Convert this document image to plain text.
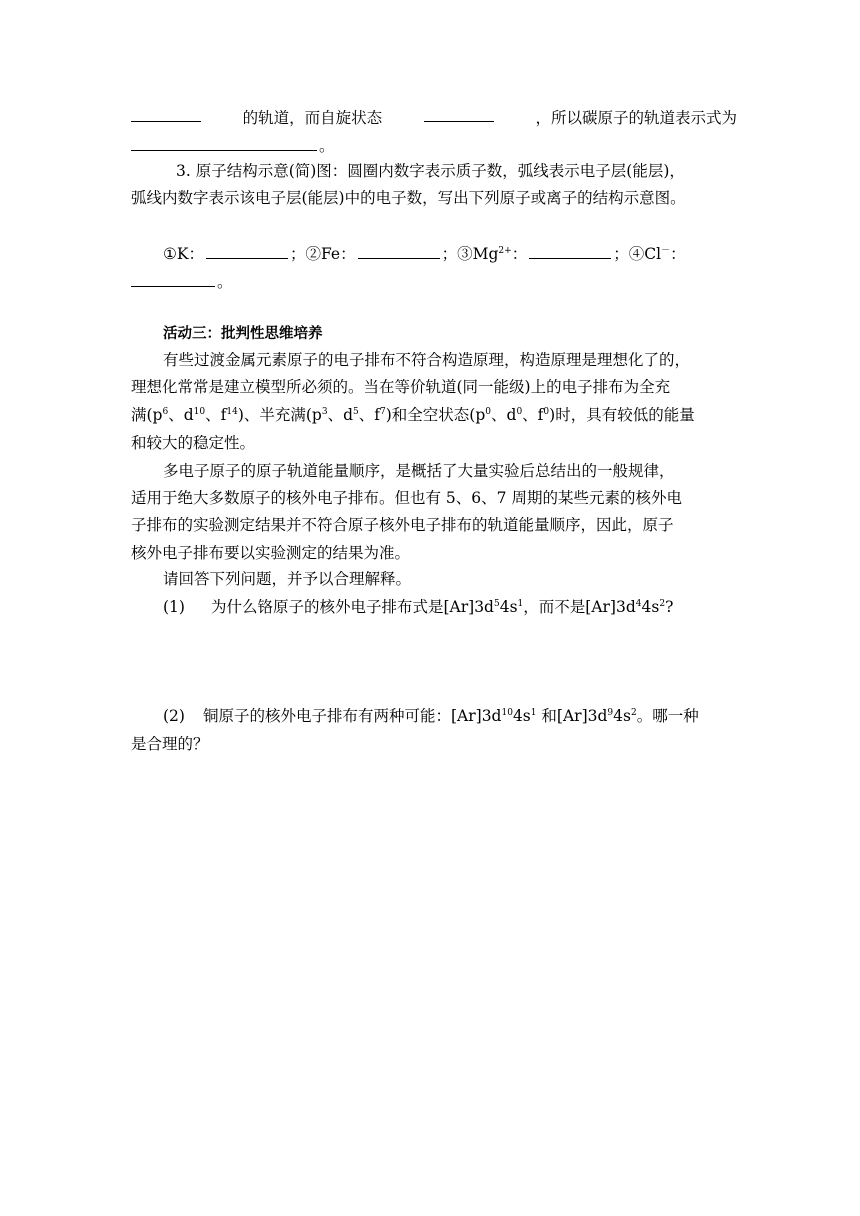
的轨道，而自旋状态	，所以碳原子的轨道表示式为
。
3. 原子结构示意(简)图：圆圈内数字表示质子数，弧线表示电子层(能层)，
弧线内数字表示该电子层(能层)中的电子数，写出下列原子或离子的结构示意图。
①K：	；②Fe：	；$③Mg^{2+}$：	；④Cl－：
。
活动三：批判性思维培养
有些过渡金属元素原子的电子排布不符合构造原理，构造原理是理想化了的，
理想化常常是建立模型所必须的。当在等价轨道(同一能级)上的电子排布为全充
满($p^6$、$d^{10}$、$f^{14}$)、半充满($p^3$、$d^5$、$f^7$)和全空状态($p^0$、$d^0$、$f^0$)时，具有较低的能量
和较大的稳定性。
多电子原子的原子轨道能量顺序，是概括了大量实验后总结出的一般规律，
适用于绝大多数原子的核外电子排布。但也有 5、6、7 周期的某些元素的核外电
子排布的实验测定结果并不符合原子核外电子排布的轨道能量顺序，因此，原子
核外电子排布要以实验测定的结果为准。
请回答下列问题，并予以合理解释。
(1) 为什么铬原子的核外电子排布式是$[Ar]3d^54s^1$，而不是$[Ar]3d^44s^2$?
(2) 铜原子的核外电子排布有两种可能：$[Ar]3d^{10}4s^1$ 和$[Ar]3d^94s^2$。哪一种
是合理的？
